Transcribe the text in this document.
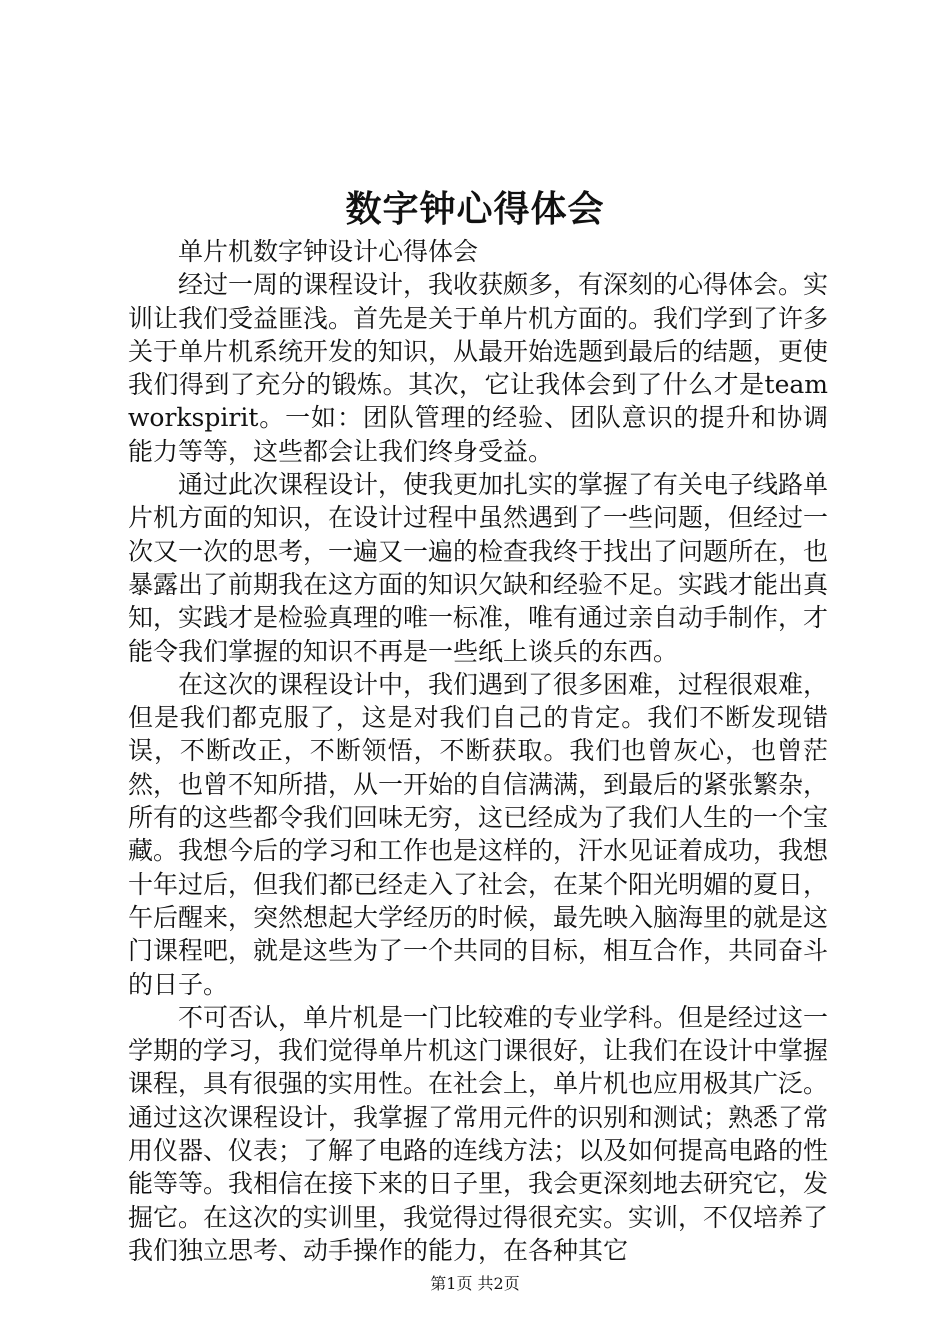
数字钟心得体会

单片机数字钟设计心得体会

经过一周的课程设计，我收获颇多，有深刻的心得体会。实训让我们受益匪浅。首先是关于单片机方面的。我们学到了许多关于单片机系统开发的知识，从最开始选题到最后的结题，更使我们得到了充分的锻炼。其次，它让我体会到了什么才是teamworkspirit。一如：团队管理的经验、团队意识的提升和协调能力等等，这些都会让我们终身受益。

通过此次课程设计，使我更加扎实的掌握了有关电子线路单片机方面的知识，在设计过程中虽然遇到了一些问题，但经过一次又一次的思考，一遍又一遍的检查我终于找出了问题所在，也暴露出了前期我在这方面的知识欠缺和经验不足。实践才能出真知，实践才是检验真理的唯一标准，唯有通过亲自动手制作，才能令我们掌握的知识不再是一些纸上谈兵的东西。

在这次的课程设计中，我们遇到了很多困难，过程很艰难，但是我们都克服了，这是对我们自己的肯定。我们不断发现错误，不断改正，不断领悟，不断获取。我们也曾灰心，也曾茫然，也曾不知所措，从一开始的自信满满，到最后的紧张繁杂，所有的这些都令我们回味无穷，这已经成为了我们人生的一个宝藏。我想今后的学习和工作也是这样的，汗水见证着成功，我想十年过后，但我们都已经走入了社会，在某个阳光明媚的夏日，午后醒来，突然想起大学经历的时候，最先映入脑海里的就是这门课程吧，就是这些为了一个共同的目标，相互合作，共同奋斗的日子。

不可否认，单片机是一门比较难的专业学科。但是经过这一学期的学习，我们觉得单片机这门课很好，让我们在设计中掌握课程，具有很强的实用性。在社会上，单片机也应用极其广泛。通过这次课程设计，我掌握了常用元件的识别和测试；熟悉了常用仪器、仪表；了解了电路的连线方法；以及如何提高电路的性能等等。我相信在接下来的日子里，我会更深刻地去研究它，发掘它。在这次的实训里，我觉得过得很充实。实训，不仅培养了我们独立思考、动手操作的能力，在各种其它

第1页 共2页
